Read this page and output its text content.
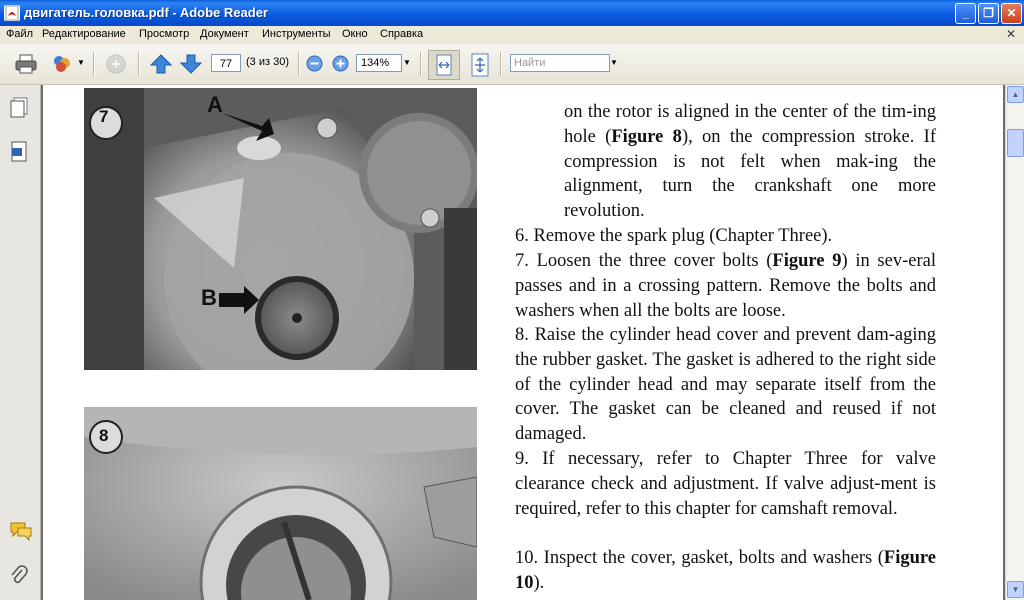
двигатель.головка.pdf - Adobe Reader	_	❐	✕
Файл Редактирование Просмотр Документ Инструменты Окно Справка	✕
▼	77	(3 из 30)	134%	▼	Найти	▼
7	A
B
8

on the rotor is aligned in the center of the tim-ing hole (Figure 8), on the compression stroke. If compression is not felt when mak-ing the alignment, turn the crankshaft one more revolution.

6. Remove the spark plug (Chapter Three).

7. Loosen the three cover bolts (Figure 9) in sev-eral passes and in a crossing pattern. Remove the bolts and washers when all the bolts are loose.

8. Raise the cylinder head cover and prevent dam-aging the rubber gasket. The gasket is adhered to the right side of the cylinder head and may separate itself from the cover. The gasket can be cleaned and reused if not damaged.

9. If necessary, refer to Chapter Three for valve clearance check and adjustment. If valve adjust-ment is required, refer to this chapter for camshaft removal.

10. Inspect the cover, gasket, bolts and washers (Figure 10).

▲
▼
